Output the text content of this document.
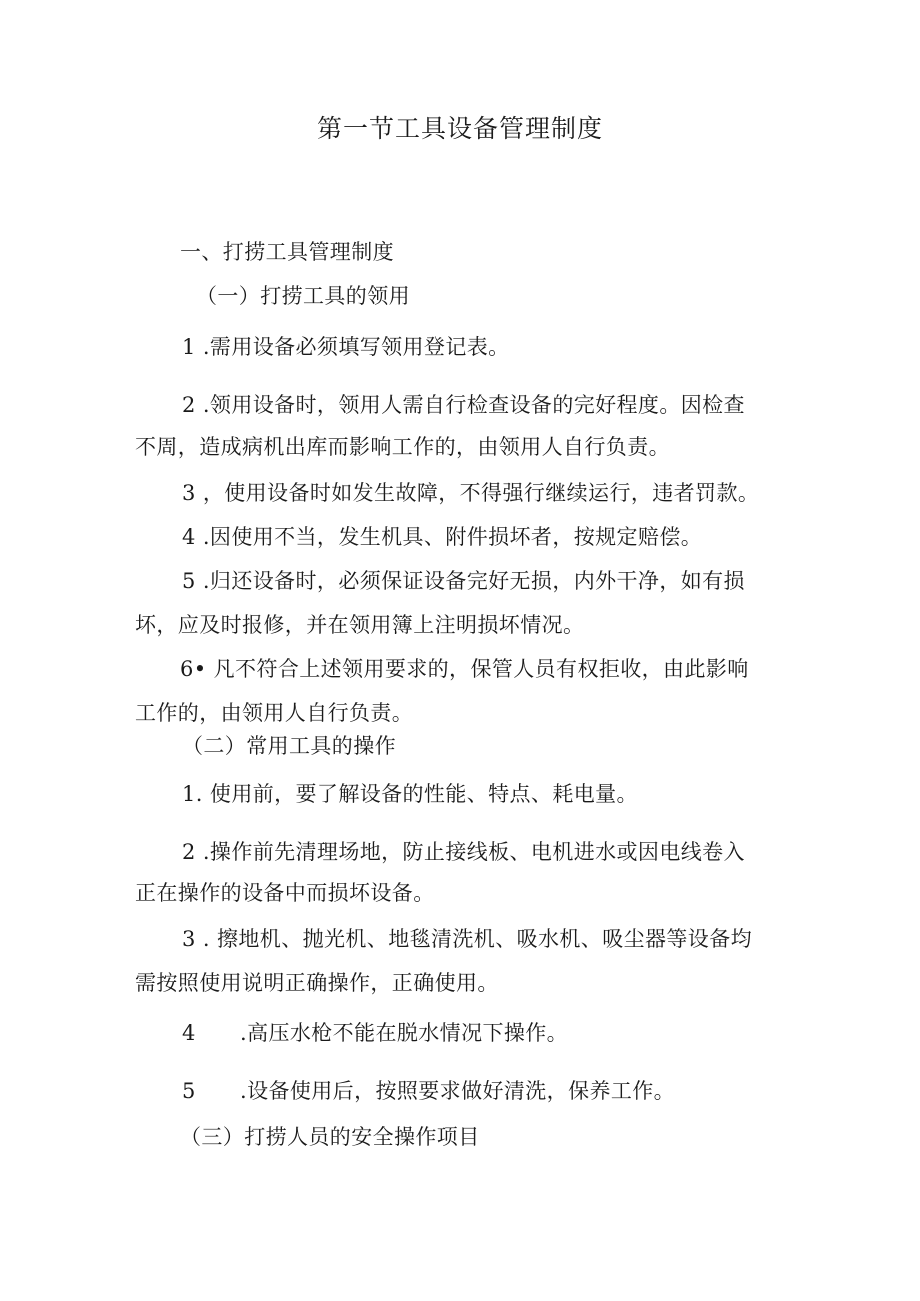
第一节工具设备管理制度
一、打捞工具管理制度
（一）打捞工具的领用
1 .需用设备必须填写领用登记表。
2 .领用设备时，领用人需自行检查设备的完好程度。因检查
不周，造成病机出库而影响工作的，由领用人自行负责。
3 ，使用设备时如发生故障，不得强行继续运行，违者罚款。
4 .因使用不当，发生机具、附件损坏者，按规定赔偿。
5 .归还设备时，必须保证设备完好无损，内外干净，如有损
坏，应及时报修，并在领用簿上注明损坏情况。
6• 凡不符合上述领用要求的，保管人员有权拒收，由此影响
工作的，由领用人自行负责。
（二）常用工具的操作
1. 使用前，要了解设备的性能、特点、耗电量。
2 .操作前先清理场地，防止接线板、电机进水或因电线卷入
正在操作的设备中而损坏设备。
3 . 擦地机、抛光机、地毯清洗机、吸水机、吸尘器等设备均
需按照使用说明正确操作，正确使用。
4 .高压水枪不能在脱水情况下操作。
5 .设备使用后，按照要求做好清洗，保养工作。
（三）打捞人员的安全操作项目
